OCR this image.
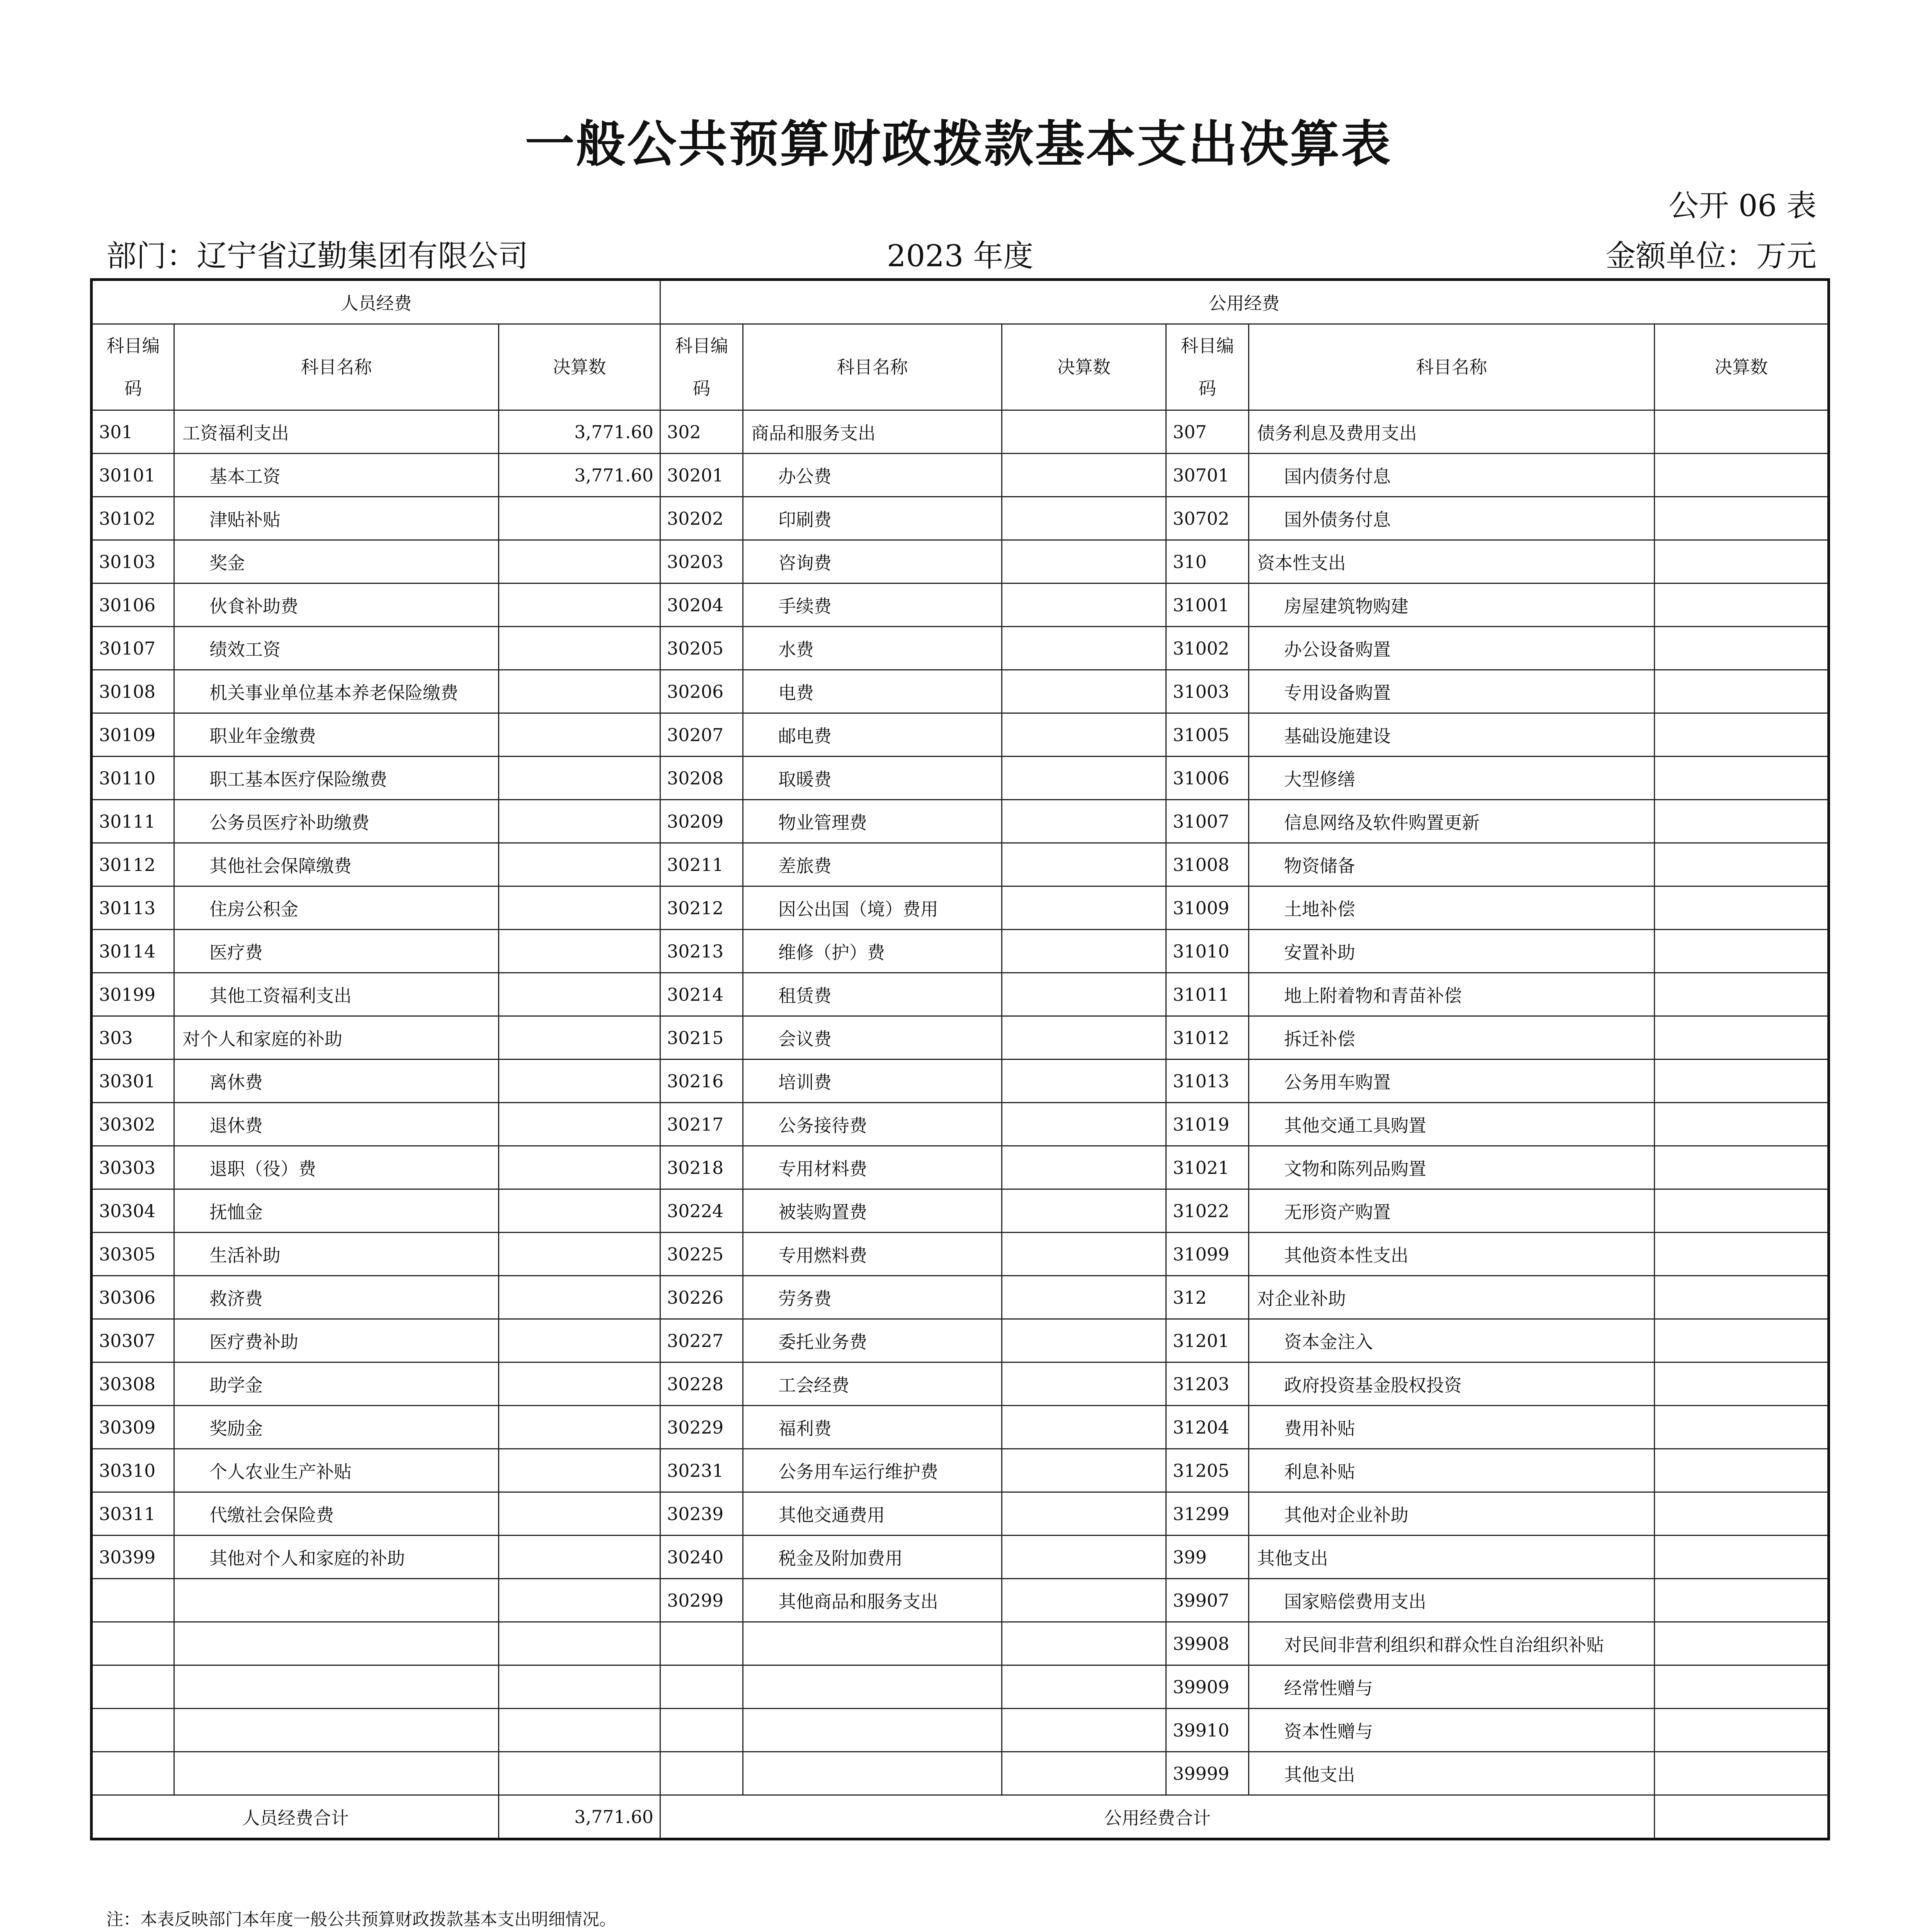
一般公共预算财政拨款基本支出决算表
公开 06 表
部门：辽宁省辽勤集团有限公司	2023 年度	金额单位：万元
人员经费			公用经费					
科目编码	科目名称	决算数	科目编码	科目名称	决算数	科目编码	科目名称	决算数
301	工资福利支出	3,771.60	302	商品和服务支出		307	债务利息及费用支出	
30101	基本工资	3,771.60	30201	办公费		30701	国内债务付息	
30102	津贴补贴		30202	印刷费		30702	国外债务付息	
30103	奖金		30203	咨询费		310	资本性支出	
30106	伙食补助费		30204	手续费		31001	房屋建筑物购建	
30107	绩效工资		30205	水费		31002	办公设备购置	
30108	机关事业单位基本养老保险缴费		30206	电费		31003	专用设备购置	
30109	职业年金缴费		30207	邮电费		31005	基础设施建设	
30110	职工基本医疗保险缴费		30208	取暖费		31006	大型修缮	
30111	公务员医疗补助缴费		30209	物业管理费		31007	信息网络及软件购置更新	
30112	其他社会保障缴费		30211	差旅费		31008	物资储备	
30113	住房公积金		30212	因公出国（境）费用		31009	土地补偿	
30114	医疗费		30213	维修（护）费		31010	安置补助	
30199	其他工资福利支出		30214	租赁费		31011	地上附着物和青苗补偿	
303	对个人和家庭的补助		30215	会议费		31012	拆迁补偿	
30301	离休费		30216	培训费		31013	公务用车购置	
30302	退休费		30217	公务接待费		31019	其他交通工具购置	
30303	退职（役）费		30218	专用材料费		31021	文物和陈列品购置	
30304	抚恤金		30224	被装购置费		31022	无形资产购置	
30305	生活补助		30225	专用燃料费		31099	其他资本性支出	
30306	救济费		30226	劳务费		312	对企业补助	
30307	医疗费补助		30227	委托业务费		31201	资本金注入	
30308	助学金		30228	工会经费		31203	政府投资基金股权投资	
30309	奖励金		30229	福利费		31204	费用补贴	
30310	个人农业生产补贴		30231	公务用车运行维护费		31205	利息补贴	
30311	代缴社会保险费		30239	其他交通费用		31299	其他对企业补助	
30399	其他对个人和家庭的补助		30240	税金及附加费用		399	其他支出	
			30299	其他商品和服务支出		39907	国家赔偿费用支出	
						39908	对民间非营利组织和群众性自治组织补贴	
						39909	经常性赠与	
						39910	资本性赠与	
						39999	其他支出	
人员经费合计		3,771.60	公用经费合计					
注：本表反映部门本年度一般公共预算财政拨款基本支出明细情况。
